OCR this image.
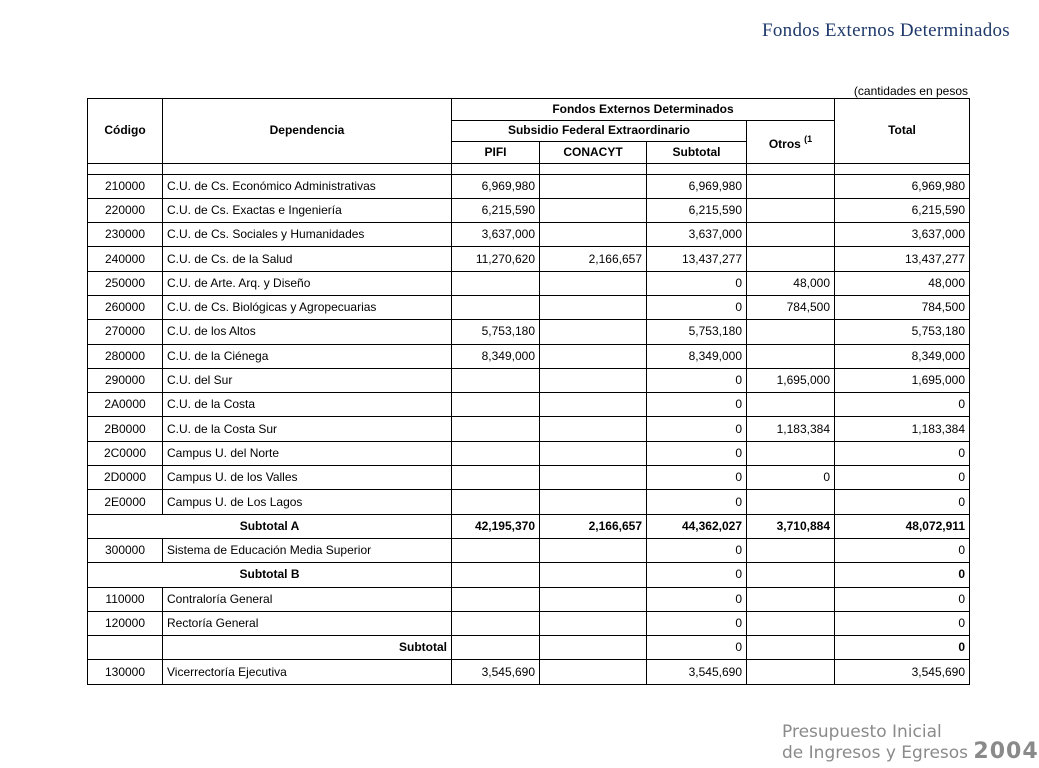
Fondos Externos Determinados
(cantidades en pesos
Código	Dependencia	Fondos Externos Determinados				Total
		Subsidio Federal Extraordinario			Otros $^{(1}$
		PIFI	CONACYT	Subtotal		

210000	C.U. de Cs. Económico Administrativas	6,969,980		6,969,980		6,969,980
220000	C.U. de Cs. Exactas e Ingeniería	6,215,590		6,215,590		6,215,590
230000	C.U. de Cs. Sociales y Humanidades	3,637,000		3,637,000		3,637,000
240000	C.U. de Cs. de la Salud	11,270,620	2,166,657	13,437,277		13,437,277
250000	C.U. de Arte. Arq. y Diseño			0	48,000	48,000
260000	C.U. de Cs. Biológicas y Agropecuarias			0	784,500	784,500
270000	C.U. de los Altos	5,753,180		5,753,180		5,753,180
280000	C.U. de la Ciénega	8,349,000		8,349,000		8,349,000
290000	C.U. del Sur			0	1,695,000	1,695,000
2A0000	C.U. de la Costa			0		0
2B0000	C.U. de la Costa Sur			0	1,183,384	1,183,384
2C0000	Campus U. del Norte			0		0
2D0000	Campus U. de los Valles			0	0	0
2E0000	Campus U. de Los Lagos			0		0
Subtotal A		42,195,370	2,166,657	44,362,027	3,710,884	48,072,911
300000	Sistema de Educación Media Superior			0		0
Subtotal B				0		0
110000	Contraloría General			0		0
120000	Rectoría General			0		0
	Subtotal			0		0
130000	Vicerrectoría Ejecutiva	3,545,690		3,545,690		3,545,690
Presupuesto Inicial
de Ingresos y Egresos 2004
